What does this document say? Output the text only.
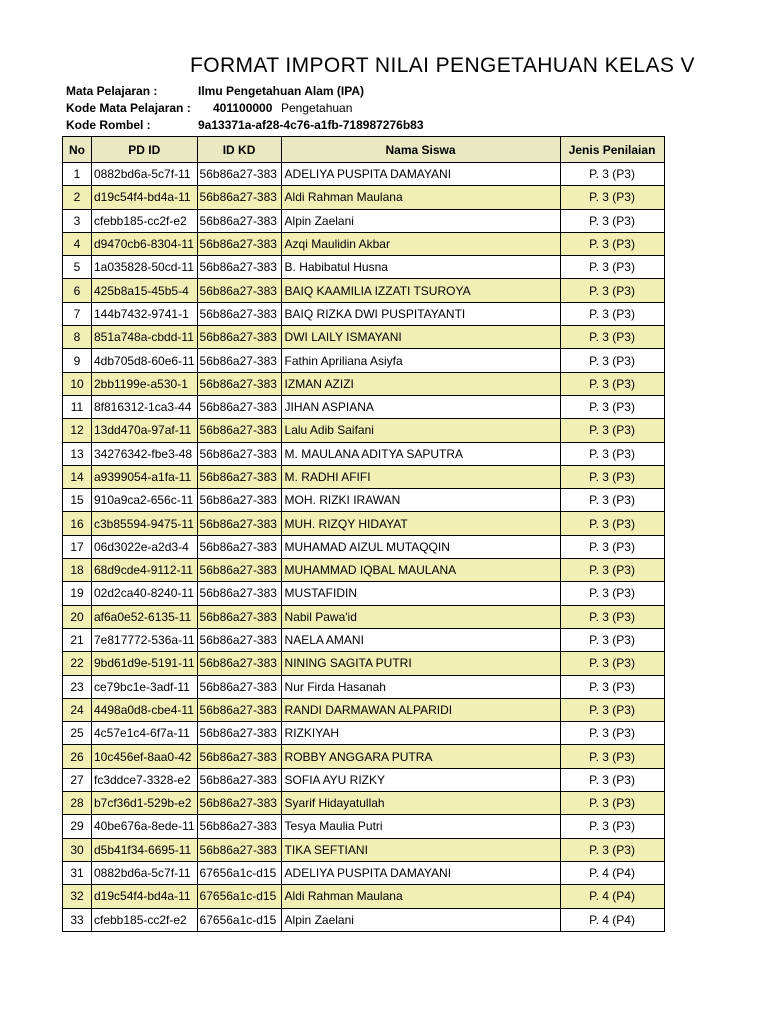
FORMAT IMPORT NILAI PENGETAHUAN KELAS V
Mata Pelajaran :	Ilmu Pengetahuan Alam (IPA)
Kode Mata Pelajaran : 401100000 Pengetahuan
Kode Rombel :	9a13371a-af28-4c76-a1fb-718987276b83
No	PD ID	ID KD	Nama Siswa	Jenis Penilaian
1	0882bd6a-5c7f-11	56b86a27-383	ADELIYA PUSPITA DAMAYANI	P. 3 (P3)
2	d19c54f4-bd4a-11	56b86a27-383	Aldi Rahman Maulana	P. 3 (P3)
3	cfebb185-cc2f-e2	56b86a27-383	Alpin Zaelani	P. 3 (P3)
4	d9470cb6-8304-11	56b86a27-383	Azqi Maulidin Akbar	P. 3 (P3)
5	1a035828-50cd-11	56b86a27-383	B. Habibatul Husna	P. 3 (P3)
6	425b8a15-45b5-4	56b86a27-383	BAIQ KAAMILIA IZZATI TSUROYA	P. 3 (P3)
7	144b7432-9741-1	56b86a27-383	BAIQ RIZKA DWI PUSPITAYANTI	P. 3 (P3)
8	851a748a-cbdd-11	56b86a27-383	DWI LAILY ISMAYANI	P. 3 (P3)
9	4db705d8-60e6-11	56b86a27-383	Fathin Apriliana Asiyfa	P. 3 (P3)
10	2bb1199e-a530-1	56b86a27-383	IZMAN AZIZI	P. 3 (P3)
11	8f816312-1ca3-44	56b86a27-383	JIHAN ASPIANA	P. 3 (P3)
12	13dd470a-97af-11	56b86a27-383	Lalu Adib Saifani	P. 3 (P3)
13	34276342-fbe3-48	56b86a27-383	M. MAULANA ADITYA SAPUTRA	P. 3 (P3)
14	a9399054-a1fa-11	56b86a27-383	M. RADHI AFIFI	P. 3 (P3)
15	910a9ca2-656c-11	56b86a27-383	MOH. RIZKI IRAWAN	P. 3 (P3)
16	c3b85594-9475-11	56b86a27-383	MUH. RIZQY HIDAYAT	P. 3 (P3)
17	06d3022e-a2d3-4	56b86a27-383	MUHAMAD AIZUL MUTAQQIN	P. 3 (P3)
18	68d9cde4-9112-11	56b86a27-383	MUHAMMAD IQBAL MAULANA	P. 3 (P3)
19	02d2ca40-8240-11	56b86a27-383	MUSTAFIDIN	P. 3 (P3)
20	af6a0e52-6135-11	56b86a27-383	Nabil Pawa'id	P. 3 (P3)
21	7e817772-536a-11	56b86a27-383	NAELA AMANI	P. 3 (P3)
22	9bd61d9e-5191-11	56b86a27-383	NINING SAGITA PUTRI	P. 3 (P3)
23	ce79bc1e-3adf-11	56b86a27-383	Nur Firda Hasanah	P. 3 (P3)
24	4498a0d8-cbe4-11	56b86a27-383	RANDI DARMAWAN ALPARIDI	P. 3 (P3)
25	4c57e1c4-6f7a-11	56b86a27-383	RIZKIYAH	P. 3 (P3)
26	10c456ef-8aa0-42	56b86a27-383	ROBBY ANGGARA PUTRA	P. 3 (P3)
27	fc3ddce7-3328-e2	56b86a27-383	SOFIA AYU RIZKY	P. 3 (P3)
28	b7cf36d1-529b-e2	56b86a27-383	Syarif Hidayatullah	P. 3 (P3)
29	40be676a-8ede-11	56b86a27-383	Tesya Maulia Putri	P. 3 (P3)
30	d5b41f34-6695-11	56b86a27-383	TIKA SEFTIANI	P. 3 (P3)
31	0882bd6a-5c7f-11	67656a1c-d15	ADELIYA PUSPITA DAMAYANI	P. 4 (P4)
32	d19c54f4-bd4a-11	67656a1c-d15	Aldi Rahman Maulana	P. 4 (P4)
33	cfebb185-cc2f-e2	67656a1c-d15	Alpin Zaelani	P. 4 (P4)
